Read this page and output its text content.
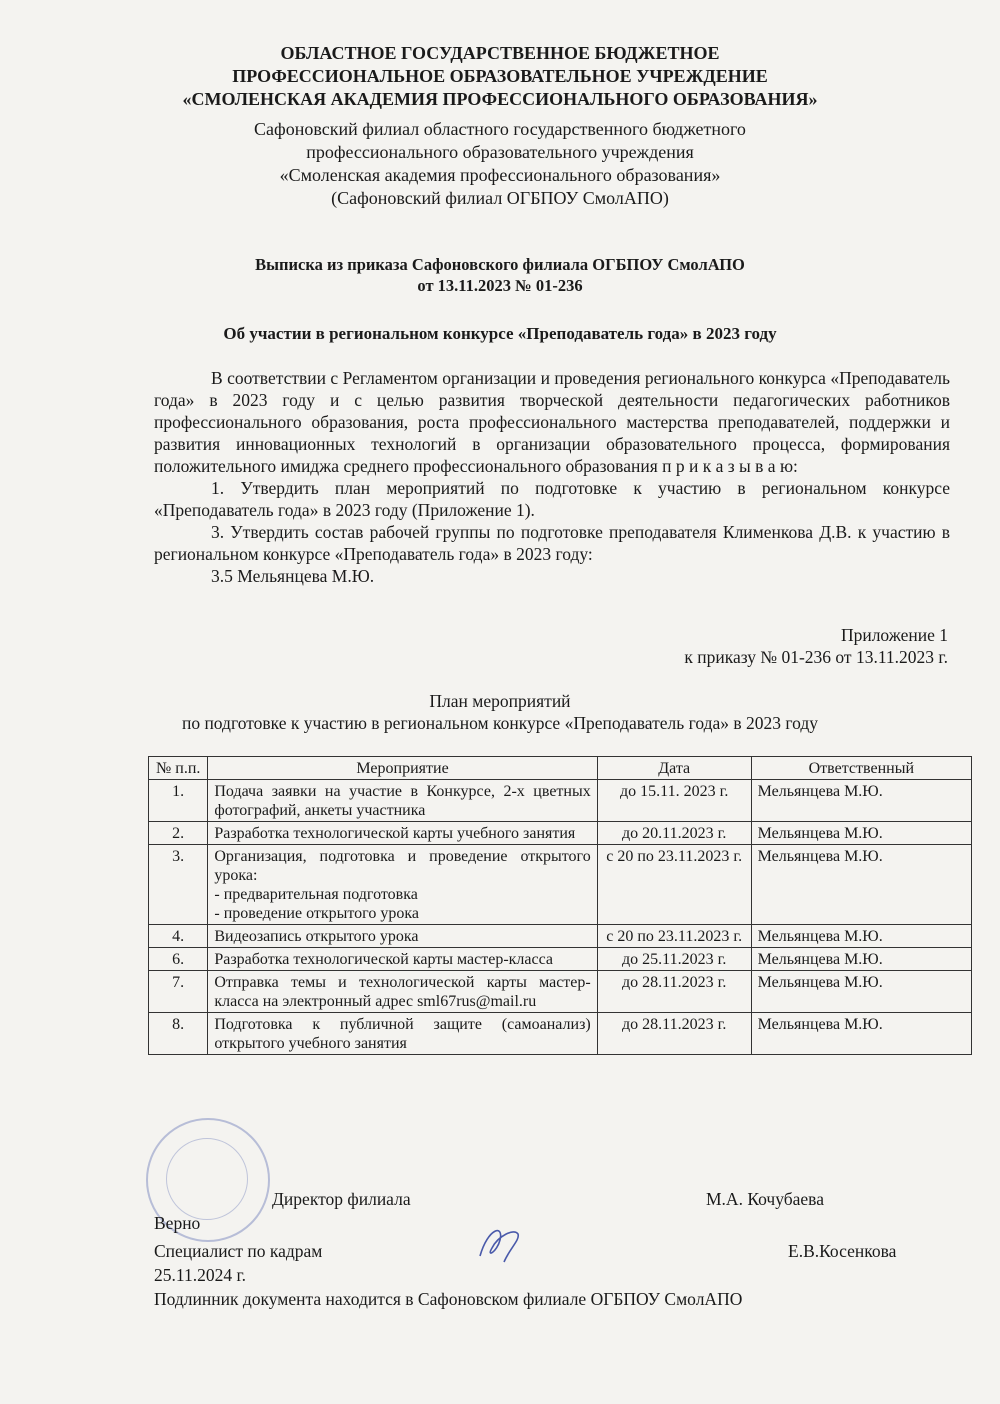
ОБЛАСТНОЕ ГОСУДАРСТВЕННОЕ БЮДЖЕТНОЕ
ПРОФЕССИОНАЛЬНОЕ ОБРАЗОВАТЕЛЬНОЕ УЧРЕЖДЕНИЕ
«СМОЛЕНСКАЯ АКАДЕМИЯ ПРОФЕССИОНАЛЬНОГО ОБРАЗОВАНИЯ»
Сафоновский филиал областного государственного бюджетного
профессионального образовательного учреждения
«Смоленская академия профессионального образования»
(Сафоновский филиал ОГБПОУ СмолАПО)
Выписка из приказа Сафоновского филиала ОГБПОУ СмолАПО
от 13.11.2023 № 01-236
Об участии в региональном конкурсе «Преподаватель года» в 2023 году

В соответствии с Регламентом организации и проведения регионального конкурса «Преподаватель года» в 2023 году и с целью развития творческой деятельности педагогических работников профессионального образования, роста профессионального мастерства преподавателей, поддержки и развития инновационных технологий в организации образовательного процесса, формирования положительного имиджа среднего профессионального образования п р и к а з ы в а ю:

1. Утвердить план мероприятий по подготовке к участию в региональном конкурсе «Преподаватель года» в 2023 году (Приложение 1).

3. Утвердить состав рабочей группы по подготовке преподавателя Клименкова Д.В. к участию в региональном конкурсе «Преподаватель года» в 2023 году:

3.5 Мельянцева М.Ю.

Приложение 1
к приказу № 01-236 от 13.11.2023 г.
План мероприятий
по подготовке к участию в региональном конкурсе «Преподаватель года» в 2023 году
№ п.п.	Мероприятие	Дата	Ответственный
1.	Подача заявки на участие в Конкурсе, 2-х цветных фотографий, анкеты участника	до 15.11. 2023 г.	Мельянцева М.Ю.
2.	Разработка технологической карты учебного занятия	до 20.11.2023 г.	Мельянцева М.Ю.
3.	Организация, подготовка и проведение открытого урока:
- предварительная подготовка
- проведение открытого урока	с 20 по 23.11.2023 г.	Мельянцева М.Ю.
4.	Видеозапись открытого урока	с 20 по 23.11.2023 г.	Мельянцева М.Ю.
6.	Разработка технологической карты мастер-класса	до 25.11.2023 г.	Мельянцева М.Ю.
7.	Отправка темы и технологической карты мастер-класса на электронный адрес sml67rus@mail.ru	до 28.11.2023 г.	Мельянцева М.Ю.
8.	Подготовка к публичной защите (самоанализ) открытого учебного занятия	до 28.11.2023 г.	Мельянцева М.Ю.
Директор филиала	М.А. Кочубаева
Верно
Специалист по кадрам	Е.В.Косенкова
25.11.2024 г.
Подлинник документа находится в Сафоновском филиале ОГБПОУ СмолАПО
